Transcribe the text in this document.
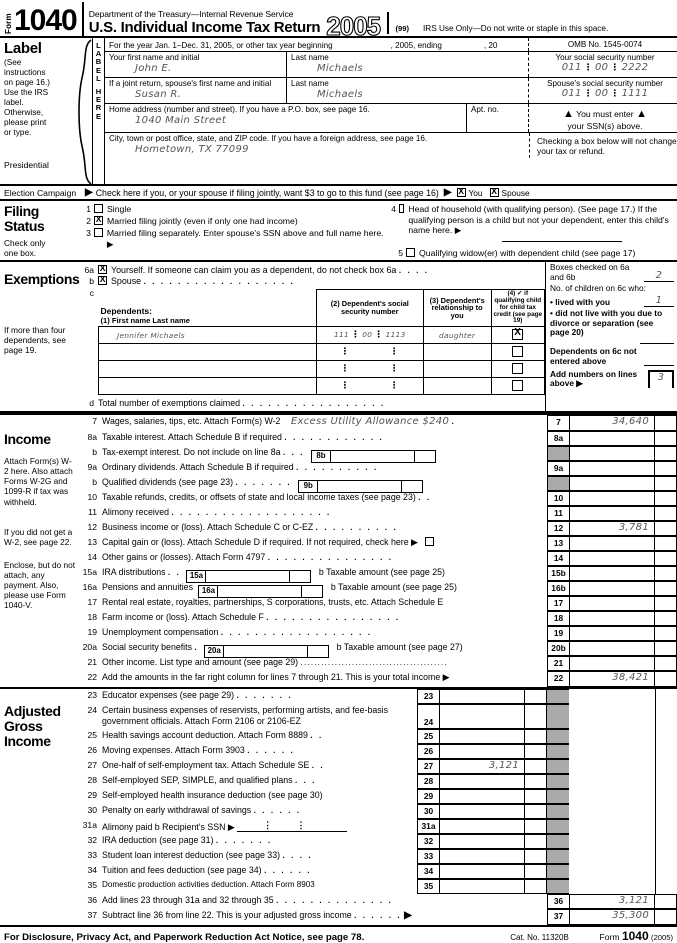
Form 1040 Department of the Treasury—Internal Revenue Service
U.S. Individual Income Tax Return 2005 (99) IRS Use Only—Do not write or staple in this space.
Label
(See
instructions
on page 16.)
Use the IRS
label.
Otherwise,
please print
or type.
Presidential
L
A
B
E
L
H
E
R
E
For the year Jan. 1–Dec. 31, 2005, or other tax year beginning	, 2005, ending	, 20	OMB No. 1545-0074
Your first name and initial
John E.
Last name
Michaels
Your social security number
011 ⋮ 00 ⋮ 2222
If a joint return, spouse's first name and initial
Susan R.
Last name
Michaels
Spouse's social security number
011 ⋮ 00 ⋮ 1111
Home address (number and street). If you have a P.O. box, see page 16.
1040 Main Street
Apt. no.	▲ You must enter ▲
your SSN(s) above.
City, town or post office, state, and ZIP code. If you have a foreign address, see page 16.
Hometown, TX 77099
Checking a box below will not change your tax or refund.
Election Campaign ▶ Check here if you, or your spouse if filing jointly, want $3 to go to this fund (see page 16) ▶ X You X Spouse
Filing Status
Check only
one box.
1 Single
2 X Married filing jointly (even if only one had income)
3 Married filing separately. Enter spouse's SSN above and full name here. ▶
4 Head of household (with qualifying person). (See page 17.) If the qualifying person is a child but not your dependent, enter this child's name here. ▶
5 Qualifying widow(er) with dependent child (see page 17)
Exemptions
If more than four dependents, see page 19.
6a X	Yourself. If someone can claim you as a dependent, do not check box 6a . . . .
b X	Spouse . . . . . . . . . . . . . . . . . .
c
Dependents:
(1) First name Last name	(2) Dependent's social security number	(3) Dependent's relationship to you	(4) ✓ if qualifying child for child tax credit (see page 19)
Jennifer Michaels	111 ⋮ 00 ⋮ 1113	daughter	X
	⋮ ⋮		
	⋮ ⋮		
	⋮ ⋮		
d Total number of exemptions claimed . . . . . . . . . . . . . . . . .
Boxes checked on 6a and 6b	2
No. of children on 6c who:
• lived with you	1
• did not live with you due to divorce or separation (see page 20)
Dependents on 6c not entered above
Add numbers on lines above ▶	3
Income
Attach Form(s) W-2 here. Also attach Forms W-2G and 1099-R if tax was withheld.
If you did not get a W-2, see page 22.
Enclose, but do not attach, any payment. Also, please use Form 1040-V.
7 Wages, salaries, tips, etc. Attach Form(s) W-2 Excess Utility Allowance $240 .	7	34,640
8a Taxable interest. Attach Schedule B if required . . . . . . . . . . . .	8a
b Tax-exempt interest. Do not include on line 8a . . .	8b
9a Ordinary dividends. Attach Schedule B if required . . . . . . . . . .	9a
b Qualified dividends (see page 23) . . . . . . .	9b
10 Taxable refunds, credits, or offsets of state and local income taxes (see page 23) . .	10
11 Alimony received . . . . . . . . . . . . . . . . . . .	11
12 Business income or (loss). Attach Schedule C or C-EZ . . . . . . . . . .	12	3,781
13 Capital gain or (loss). Attach Schedule D if required. If not required, check here ▶	13
14 Other gains or (losses). Attach Form 4797 . . . . . . . . . . . . . . .	14
15a IRA distributions . .	15a	b Taxable amount (see page 25)	15b
16a Pensions and annuities	16a	b Taxable amount (see page 25)	16b
17 Rental real estate, royalties, partnerships, S corporations, trusts, etc. Attach Schedule E	17
18 Farm income or (loss). Attach Schedule F . . . . . . . . . . . . . . . .	18
19 Unemployment compensation . . . . . . . . . . . . . . . . . .	19
20a Social security benefits .	20a	b Taxable amount (see page 27)	20b
21 Other income. List type and amount (see page 29) ...........................................	21
22 Add the amounts in the far right column for lines 7 through 21. This is your total income ▶	22	38,421
Adjusted
Gross
Income
23 Educator expenses (see page 29) . . . . . . .	23
24 Certain business expenses of reservists, performing artists, and fee-basis government officials. Attach Form 2106 or 2106-EZ	24
25 Health savings account deduction. Attach Form 8889 . .	25
26 Moving expenses. Attach Form 3903 . . . . . .	26
27 One-half of self-employment tax. Attach Schedule SE . .	27	3,121
28 Self-employed SEP, SIMPLE, and qualified plans . . .	28
29 Self-employed health insurance deduction (see page 30)	29
30 Penalty on early withdrawal of savings . . . . . .	30
31a Alimony paid b Recipient's SSN ▶	⋮	⋮	31a
32 IRA deduction (see page 31) . . . . . . .	32
33 Student loan interest deduction (see page 33) . . . .	33
34 Tuition and fees deduction (see page 34) . . . . . .	34
35 Domestic production activities deduction. Attach Form 8903	35
36 Add lines 23 through 31a and 32 through 35 . . . . . . . . . . . . . .	36	3,121
37 Subtract line 36 from line 22. This is your adjusted gross income . . . . . . ▶	37	35,300
For Disclosure, Privacy Act, and Paperwork Reduction Act Notice, see page 78.	Cat. No. 11320B	Form 1040 (2005)
